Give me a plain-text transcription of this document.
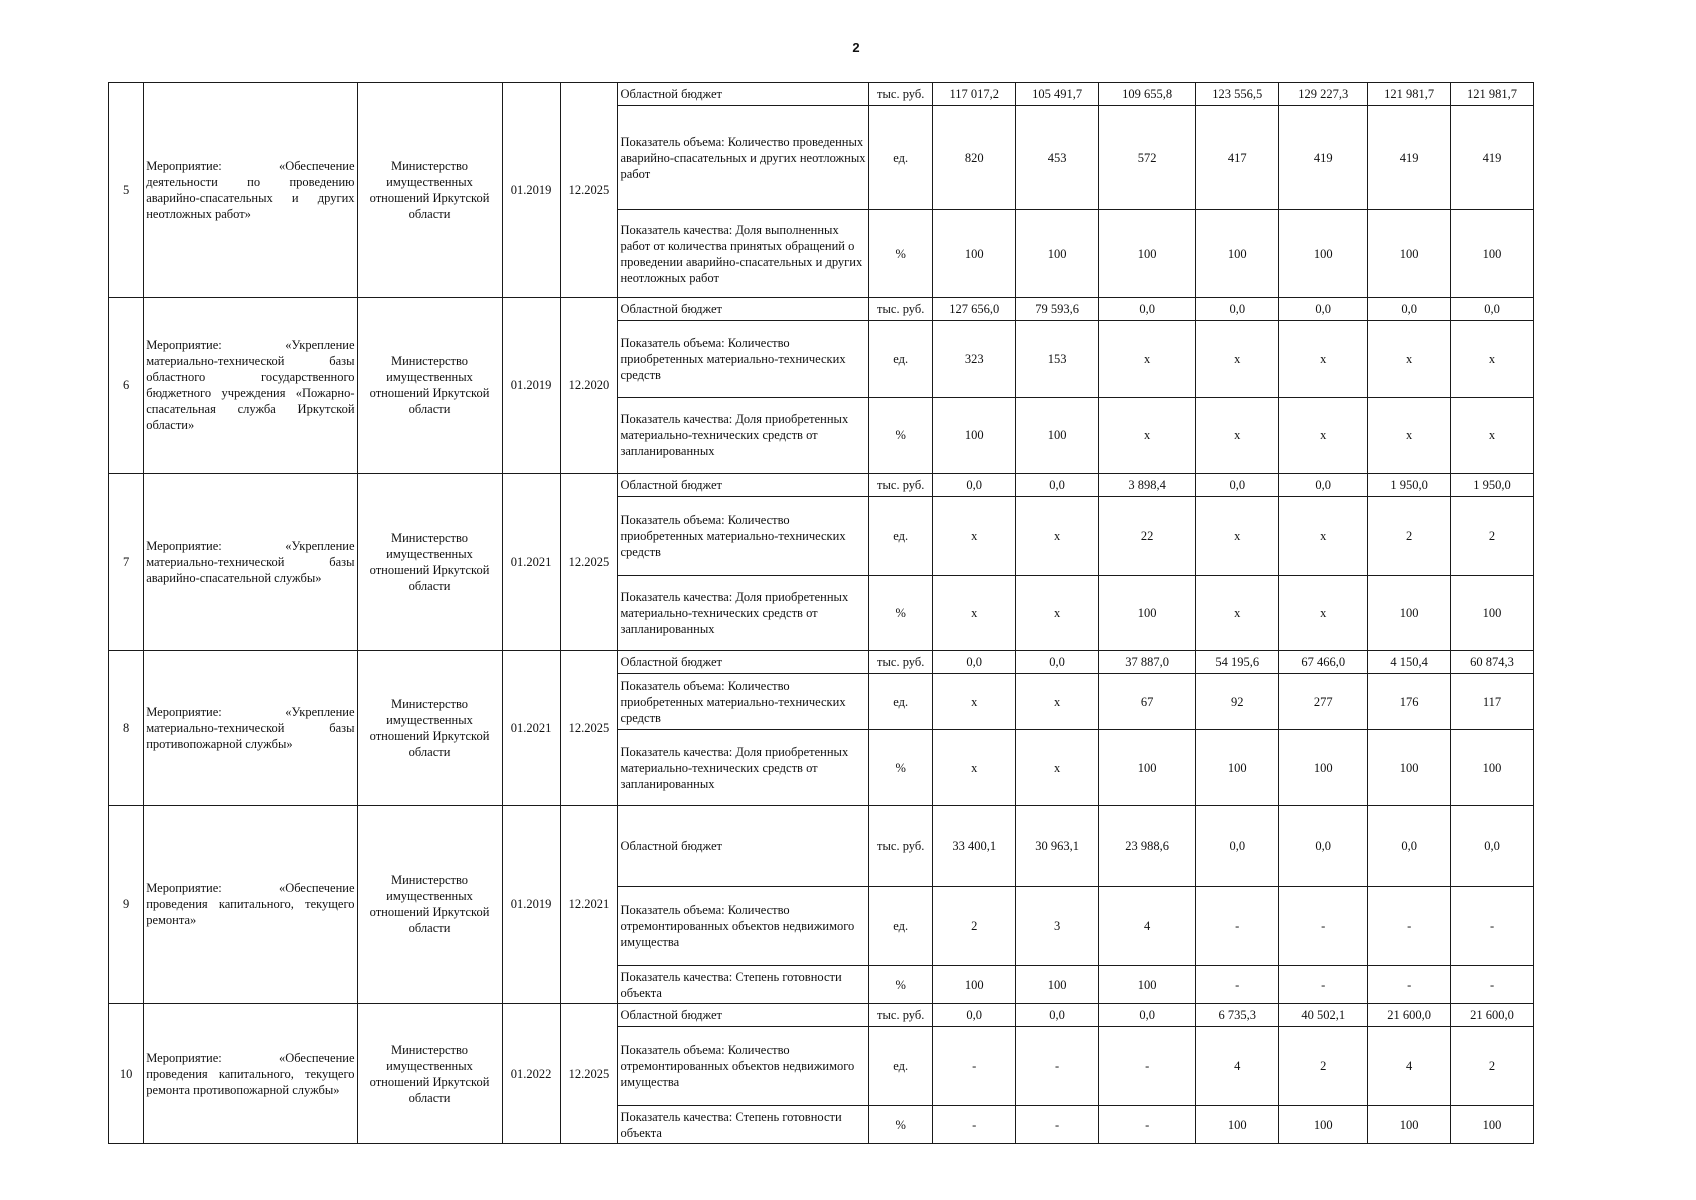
2
5	Мероприятие: «Обеспечение деятельности по проведению аварийно-спасательных и других неотложных работ»	Министерство имущественных отношений Иркутской области	01.2019	12.2025	Областной бюджет	тыс. руб.	117 017,2	105 491,7	109 655,8	123 556,5	129 227,3	121 981,7	121 981,7
					Показатель объема: Количество проведенных аварийно-спасательных и других неотложных работ	ед.	820	453	572	417	419	419	419
					Показатель качества: Доля выполненных работ от количества принятых обращений о проведении аварийно-спасательных и других неотложных работ	%	100	100	100	100	100	100	100
6	Мероприятие: «Укрепление материально-технической базы областного государственного бюджетного учреждения «Пожарно-спасательная служба Иркутской области»	Министерство имущественных отношений Иркутской области	01.2019	12.2020	Областной бюджет	тыс. руб.	127 656,0	79 593,6	0,0	0,0	0,0	0,0	0,0
					Показатель объема: Количество приобретенных материально-технических средств	ед.	323	153	х	х	х	х	х
					Показатель качества: Доля приобретенных материально-технических средств от запланированных	%	100	100	х	х	х	х	х
7	Мероприятие: «Укрепление материально-технической базы аварийно-спасательной службы»	Министерство имущественных отношений Иркутской области	01.2021	12.2025	Областной бюджет	тыс. руб.	0,0	0,0	3 898,4	0,0	0,0	1 950,0	1 950,0
					Показатель объема: Количество приобретенных материально-технических средств	ед.	х	х	22	х	х	2	2
					Показатель качества: Доля приобретенных материально-технических средств от запланированных	%	х	х	100	х	х	100	100
8	Мероприятие: «Укрепление материально-технической базы противопожарной службы»	Министерство имущественных отношений Иркутской области	01.2021	12.2025	Областной бюджет	тыс. руб.	0,0	0,0	37 887,0	54 195,6	67 466,0	4 150,4	60 874,3
					Показатель объема: Количество приобретенных материально-технических средств	ед.	х	х	67	92	277	176	117
					Показатель качества: Доля приобретенных материально-технических средств от запланированных	%	х	х	100	100	100	100	100
9	Мероприятие: «Обеспечение проведения капитального, текущего ремонта»	Министерство имущественных отношений Иркутской области	01.2019	12.2021	Областной бюджет	тыс. руб.	33 400,1	30 963,1	23 988,6	0,0	0,0	0,0	0,0
					Показатель объема: Количество отремонтированных объектов недвижимого имущества	ед.	2	3	4	-	-	-	-
					Показатель качества: Степень готовности объекта	%	100	100	100	-	-	-	-
10	Мероприятие: «Обеспечение проведения капитального, текущего ремонта противопожарной службы»	Министерство имущественных отношений Иркутской области	01.2022	12.2025	Областной бюджет	тыс. руб.	0,0	0,0	0,0	6 735,3	40 502,1	21 600,0	21 600,0
					Показатель объема: Количество отремонтированных объектов недвижимого имущества	ед.	-	-	-	4	2	4	2
					Показатель качества: Степень готовности объекта	%	-	-	-	100	100	100	100
